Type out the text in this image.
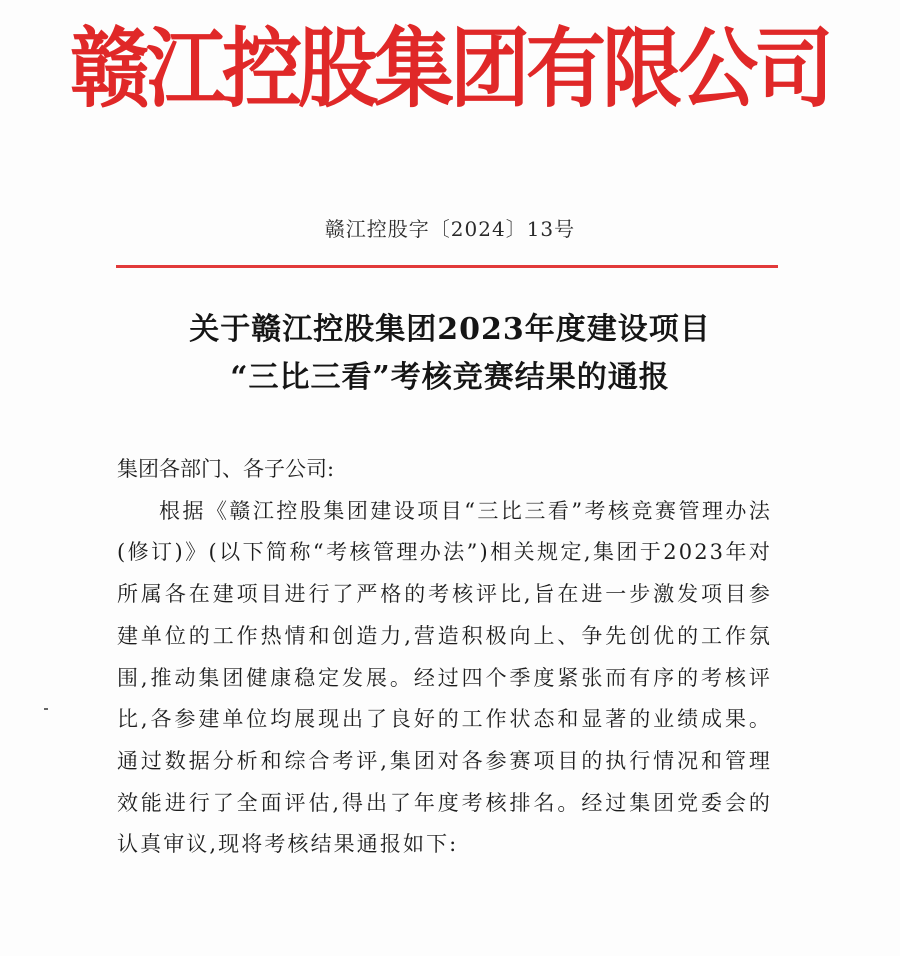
赣江控股集团有限公司
赣江控股字〔2024〕13号
关于赣江控股集团2023年度建设项目
“三比三看”考核竞赛结果的通报

集团各部门、各子公司:

根据《赣江控股集团建设项目“三比三看”考核竞赛管理办法(修订)》(以下简称“考核管理办法”)相关规定,集团于2023年对所属各在建项目进行了严格的考核评比,旨在进一步激发项目参建单位的工作热情和创造力,营造积极向上、争先创优的工作氛围,推动集团健康稳定发展。经过四个季度紧张而有序的考核评比,各参建单位均展现出了良好的工作状态和显著的业绩成果。通过数据分析和综合考评,集团对各参赛项目的执行情况和管理效能进行了全面评估,得出了年度考核排名。经过集团党委会的认真审议,现将考核结果通报如下:
